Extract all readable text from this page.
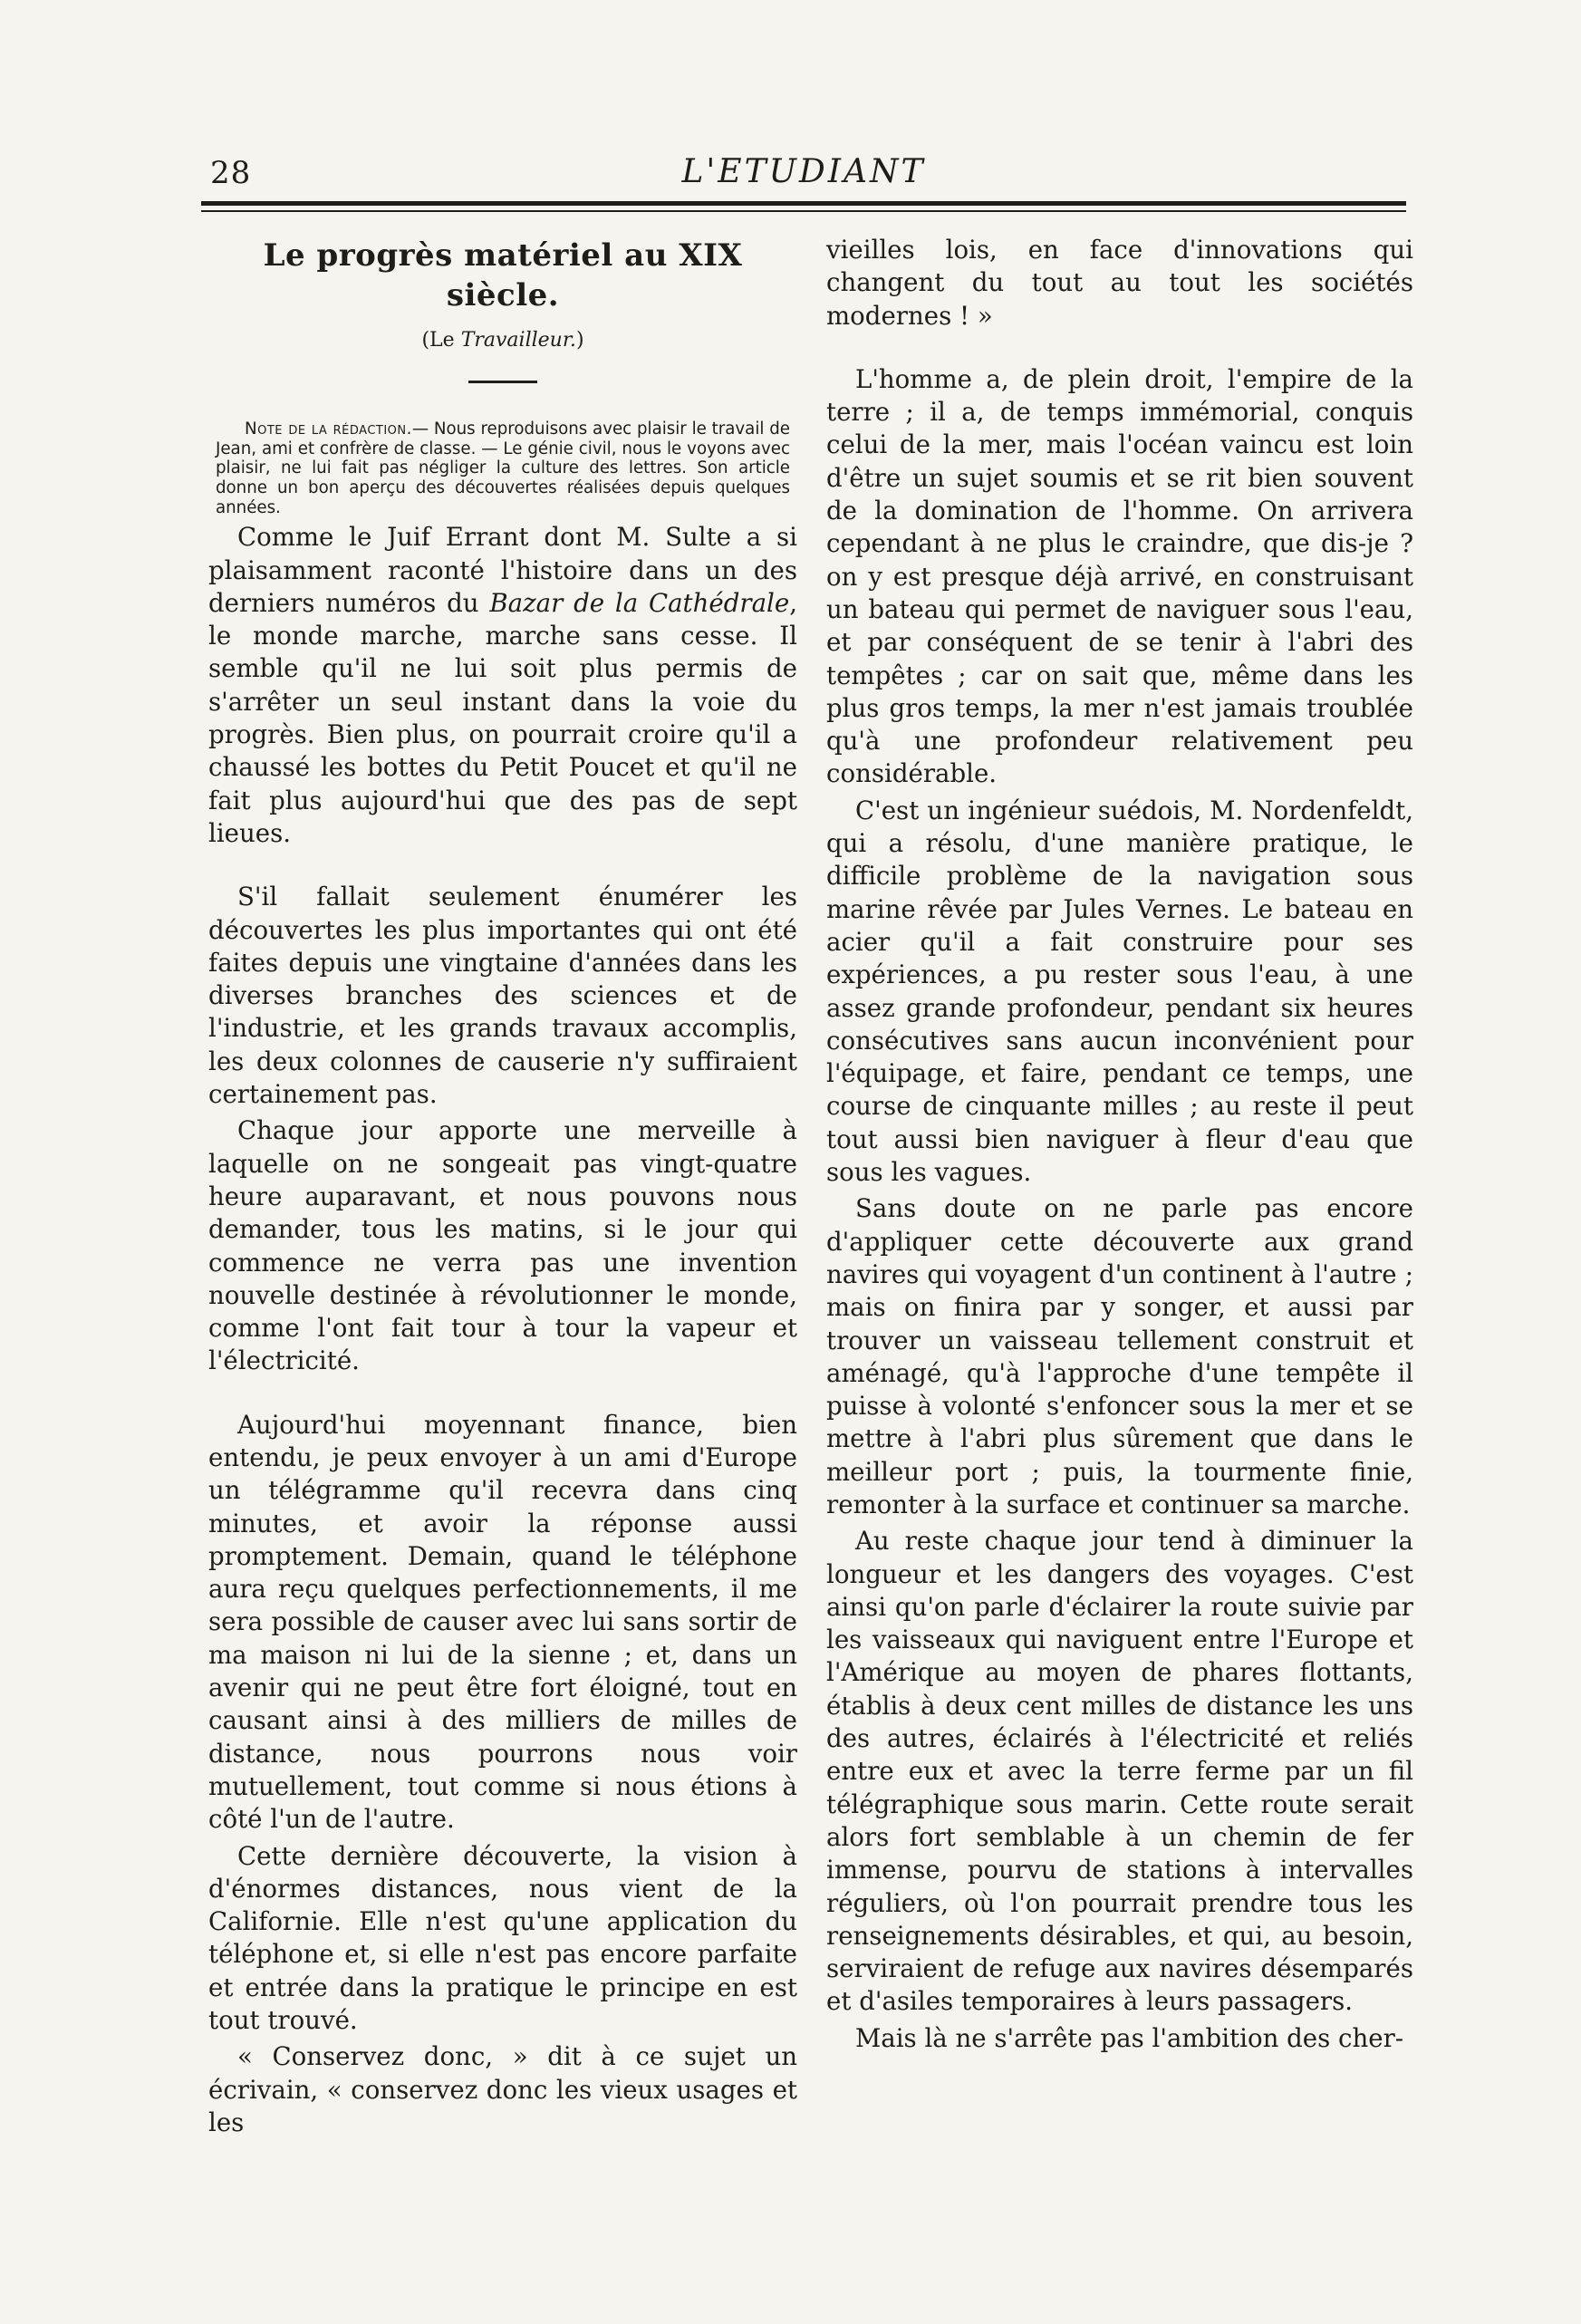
28	L'ETUDIANT
Le progrès matériel au XIX siècle.
(Le Travailleur.)

Note de la rédaction.— Nous reproduisons avec plaisir le travail de Jean, ami et confrère de classe. — Le génie civil, nous le voyons avec plaisir, ne lui fait pas négliger la culture des lettres. Son article donne un bon aperçu des découvertes réalisées depuis quelques années.

Comme le Juif Errant dont M. Sulte a si plaisamment raconté l'histoire dans un des derniers numéros du Bazar de la Cathédrale, le monde marche, marche sans cesse. Il semble qu'il ne lui soit plus permis de s'arrêter un seul instant dans la voie du progrès. Bien plus, on pourrait croire qu'il a chaussé les bottes du Petit Poucet et qu'il ne fait plus aujourd'hui que des pas de sept lieues.

S'il fallait seulement énumérer les découvertes les plus importantes qui ont été faites depuis une vingtaine d'années dans les diverses branches des sciences et de l'industrie, et les grands travaux accomplis, les deux colonnes de causerie n'y suffiraient certainement pas.

Chaque jour apporte une merveille à laquelle on ne songeait pas vingt-quatre heure auparavant, et nous pouvons nous demander, tous les matins, si le jour qui commence ne verra pas une invention nouvelle destinée à révolutionner le monde, comme l'ont fait tour à tour la vapeur et l'électricité.

Aujourd'hui moyennant finance, bien entendu, je peux envoyer à un ami d'Europe un télégramme qu'il recevra dans cinq minutes, et avoir la réponse aussi promptement. Demain, quand le téléphone aura reçu quelques perfectionnements, il me sera possible de causer avec lui sans sortir de ma maison ni lui de la sienne ; et, dans un avenir qui ne peut être fort éloigné, tout en causant ainsi à des milliers de milles de distance, nous pourrons nous voir mutuellement, tout comme si nous étions à côté l'un de l'autre.

Cette dernière découverte, la vision à d'énormes distances, nous vient de la Californie. Elle n'est qu'une application du téléphone et, si elle n'est pas encore parfaite et entrée dans la pratique le principe en est tout trouvé.

« Conservez donc, » dit à ce sujet un écrivain, « conservez donc les vieux usages et les

vieilles lois, en face d'innovations qui changent du tout au tout les sociétés modernes ! »

L'homme a, de plein droit, l'empire de la terre ; il a, de temps immémorial, conquis celui de la mer, mais l'océan vaincu est loin d'être un sujet soumis et se rit bien souvent de la domination de l'homme. On arrivera cependant à ne plus le craindre, que dis-je ? on y est presque déjà arrivé, en construisant un bateau qui permet de naviguer sous l'eau, et par conséquent de se tenir à l'abri des tempêtes ; car on sait que, même dans les plus gros temps, la mer n'est jamais troublée qu'à une profondeur relativement peu considérable.

C'est un ingénieur suédois, M. Nordenfeldt, qui a résolu, d'une manière pratique, le difficile problème de la navigation sous marine rêvée par Jules Vernes. Le bateau en acier qu'il a fait construire pour ses expériences, a pu rester sous l'eau, à une assez grande profondeur, pendant six heures consécutives sans aucun inconvénient pour l'équipage, et faire, pendant ce temps, une course de cinquante milles ; au reste il peut tout aussi bien naviguer à fleur d'eau que sous les vagues.

Sans doute on ne parle pas encore d'appliquer cette découverte aux grand navires qui voyagent d'un continent à l'autre ; mais on finira par y songer, et aussi par trouver un vaisseau tellement construit et aménagé, qu'à l'approche d'une tempête il puisse à volonté s'enfoncer sous la mer et se mettre à l'abri plus sûrement que dans le meilleur port ; puis, la tourmente finie, remonter à la surface et continuer sa marche.

Au reste chaque jour tend à diminuer la longueur et les dangers des voyages. C'est ainsi qu'on parle d'éclairer la route suivie par les vaisseaux qui naviguent entre l'Europe et l'Amérique au moyen de phares flottants, établis à deux cent milles de distance les uns des autres, éclairés à l'électricité et reliés entre eux et avec la terre ferme par un fil télégraphique sous marin. Cette route serait alors fort semblable à un chemin de fer immense, pourvu de stations à intervalles réguliers, où l'on pourrait prendre tous les renseignements désirables, et qui, au besoin, serviraient de refuge aux navires désemparés et d'asiles temporaires à leurs passagers.

Mais là ne s'arrête pas l'ambition des cher-
